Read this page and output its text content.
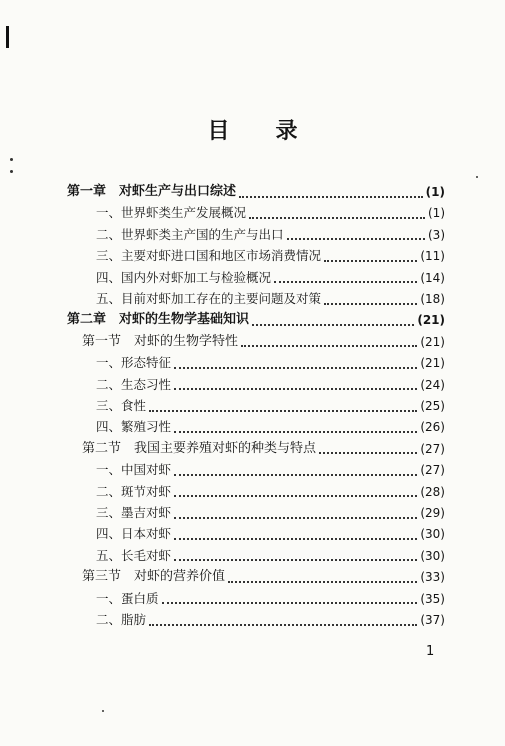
目 录
第一章　对虾生产与出口综述	(1)
一、世界虾类生产发展概况	(1)
二、世界虾类主产国的生产与出口	(3)
三、主要对虾进口国和地区市场消费情况	(11)
四、国内外对虾加工与检验概况	(14)
五、目前对虾加工存在的主要问题及对策	(18)
第二章　对虾的生物学基础知识	(21)
第一节　对虾的生物学特性	(21)
一、形态特征	(21)
二、生态习性	(24)
三、食性	(25)
四、繁殖习性	(26)
第二节　我国主要养殖对虾的种类与特点	(27)
一、中国对虾	(27)
二、斑节对虾	(28)
三、墨吉对虾	(29)
四、日本对虾	(30)
五、长毛对虾	(30)
第三节　对虾的营养价值	(33)
一、蛋白质	(35)
二、脂肪	(37)
1
